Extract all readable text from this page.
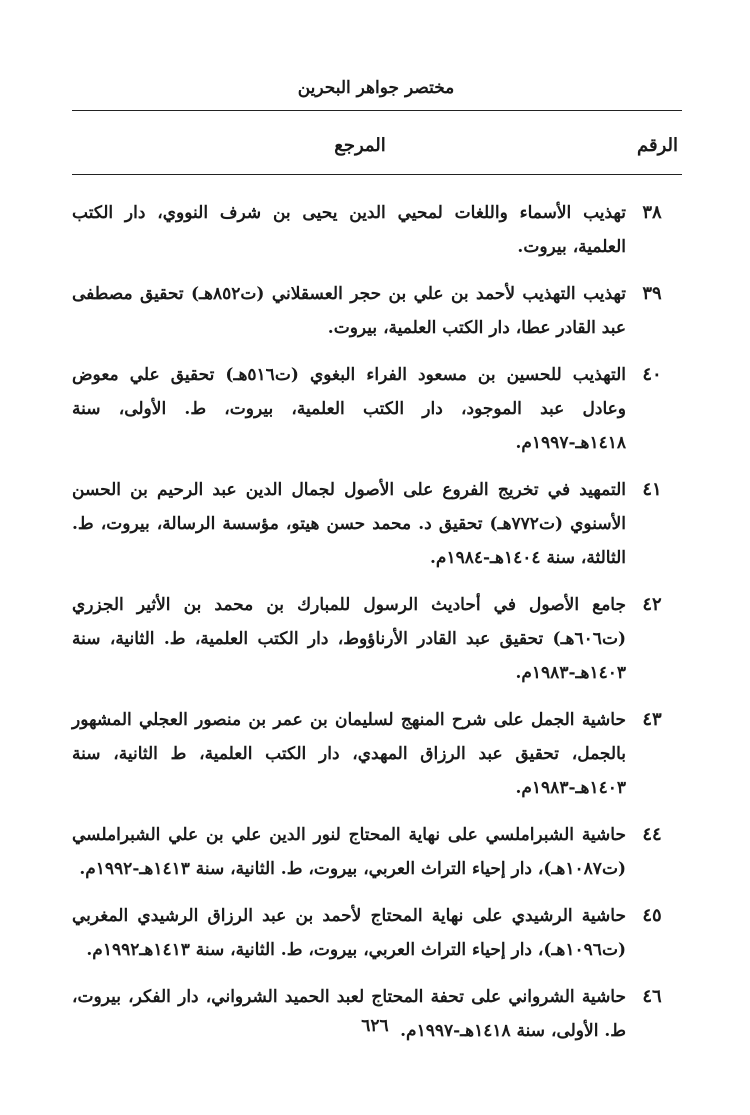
مختصر جواهر البحرين
الرقم
المرجع
٣٨
تهذيب الأسماء واللغات لمحيي الدين يحيى بن شرف النووي، دار الكتب العلمية، بيروت.
٣٩
تهذيب التهذيب لأحمد بن علي بن حجر العسقلاني (ت٨٥٢هـ) تحقيق مصطفى عبد القادر عطا، دار الكتب العلمية، بيروت.
٤٠
التهذيب للحسين بن مسعود الفراء البغوي (ت٥١٦هـ) تحقيق علي معوض وعادل عبد الموجود، دار الكتب العلمية، بيروت، ط. الأولى، سنة ١٤١٨هـ-١٩٩٧م.
٤١
التمهيد في تخريج الفروع على الأصول لجمال الدين عبد الرحيم بن الحسن الأسنوي (ت٧٧٢هـ) تحقيق د. محمد حسن هيتو، مؤسسة الرسالة، بيروت، ط. الثالثة، سنة ١٤٠٤هـ-١٩٨٤م.
٤٢
جامع الأصول في أحاديث الرسول للمبارك بن محمد بن الأثير الجزري (ت٦٠٦هـ) تحقيق عبد القادر الأرناؤوط، دار الكتب العلمية، ط. الثانية، سنة ١٤٠٣هـ-١٩٨٣م.
٤٣
حاشية الجمل على شرح المنهج لسليمان بن عمر بن منصور العجلي المشهور بالجمل، تحقيق عبد الرزاق المهدي، دار الكتب العلمية، ط الثانية، سنة ١٤٠٣هـ-١٩٨٣م.
٤٤
حاشية الشبراملسي على نهاية المحتاج لنور الدين علي بن علي الشبراملسي (ت١٠٨٧هـ)، دار إحياء التراث العربي، بيروت، ط. الثانية، سنة ١٤١٣هـ-١٩٩٢م.
٤٥
حاشية الرشيدي على نهاية المحتاج لأحمد بن عبد الرزاق الرشيدي المغربي (ت١٠٩٦هـ)، دار إحياء التراث العربي، بيروت، ط. الثانية، سنة ١٤١٣هـ١٩٩٢م.
٤٦
حاشية الشرواني على تحفة المحتاج لعبد الحميد الشرواني، دار الفكر، بيروت، ط. الأولى، سنة ١٤١٨هـ-١٩٩٧م.
٦٢٦
